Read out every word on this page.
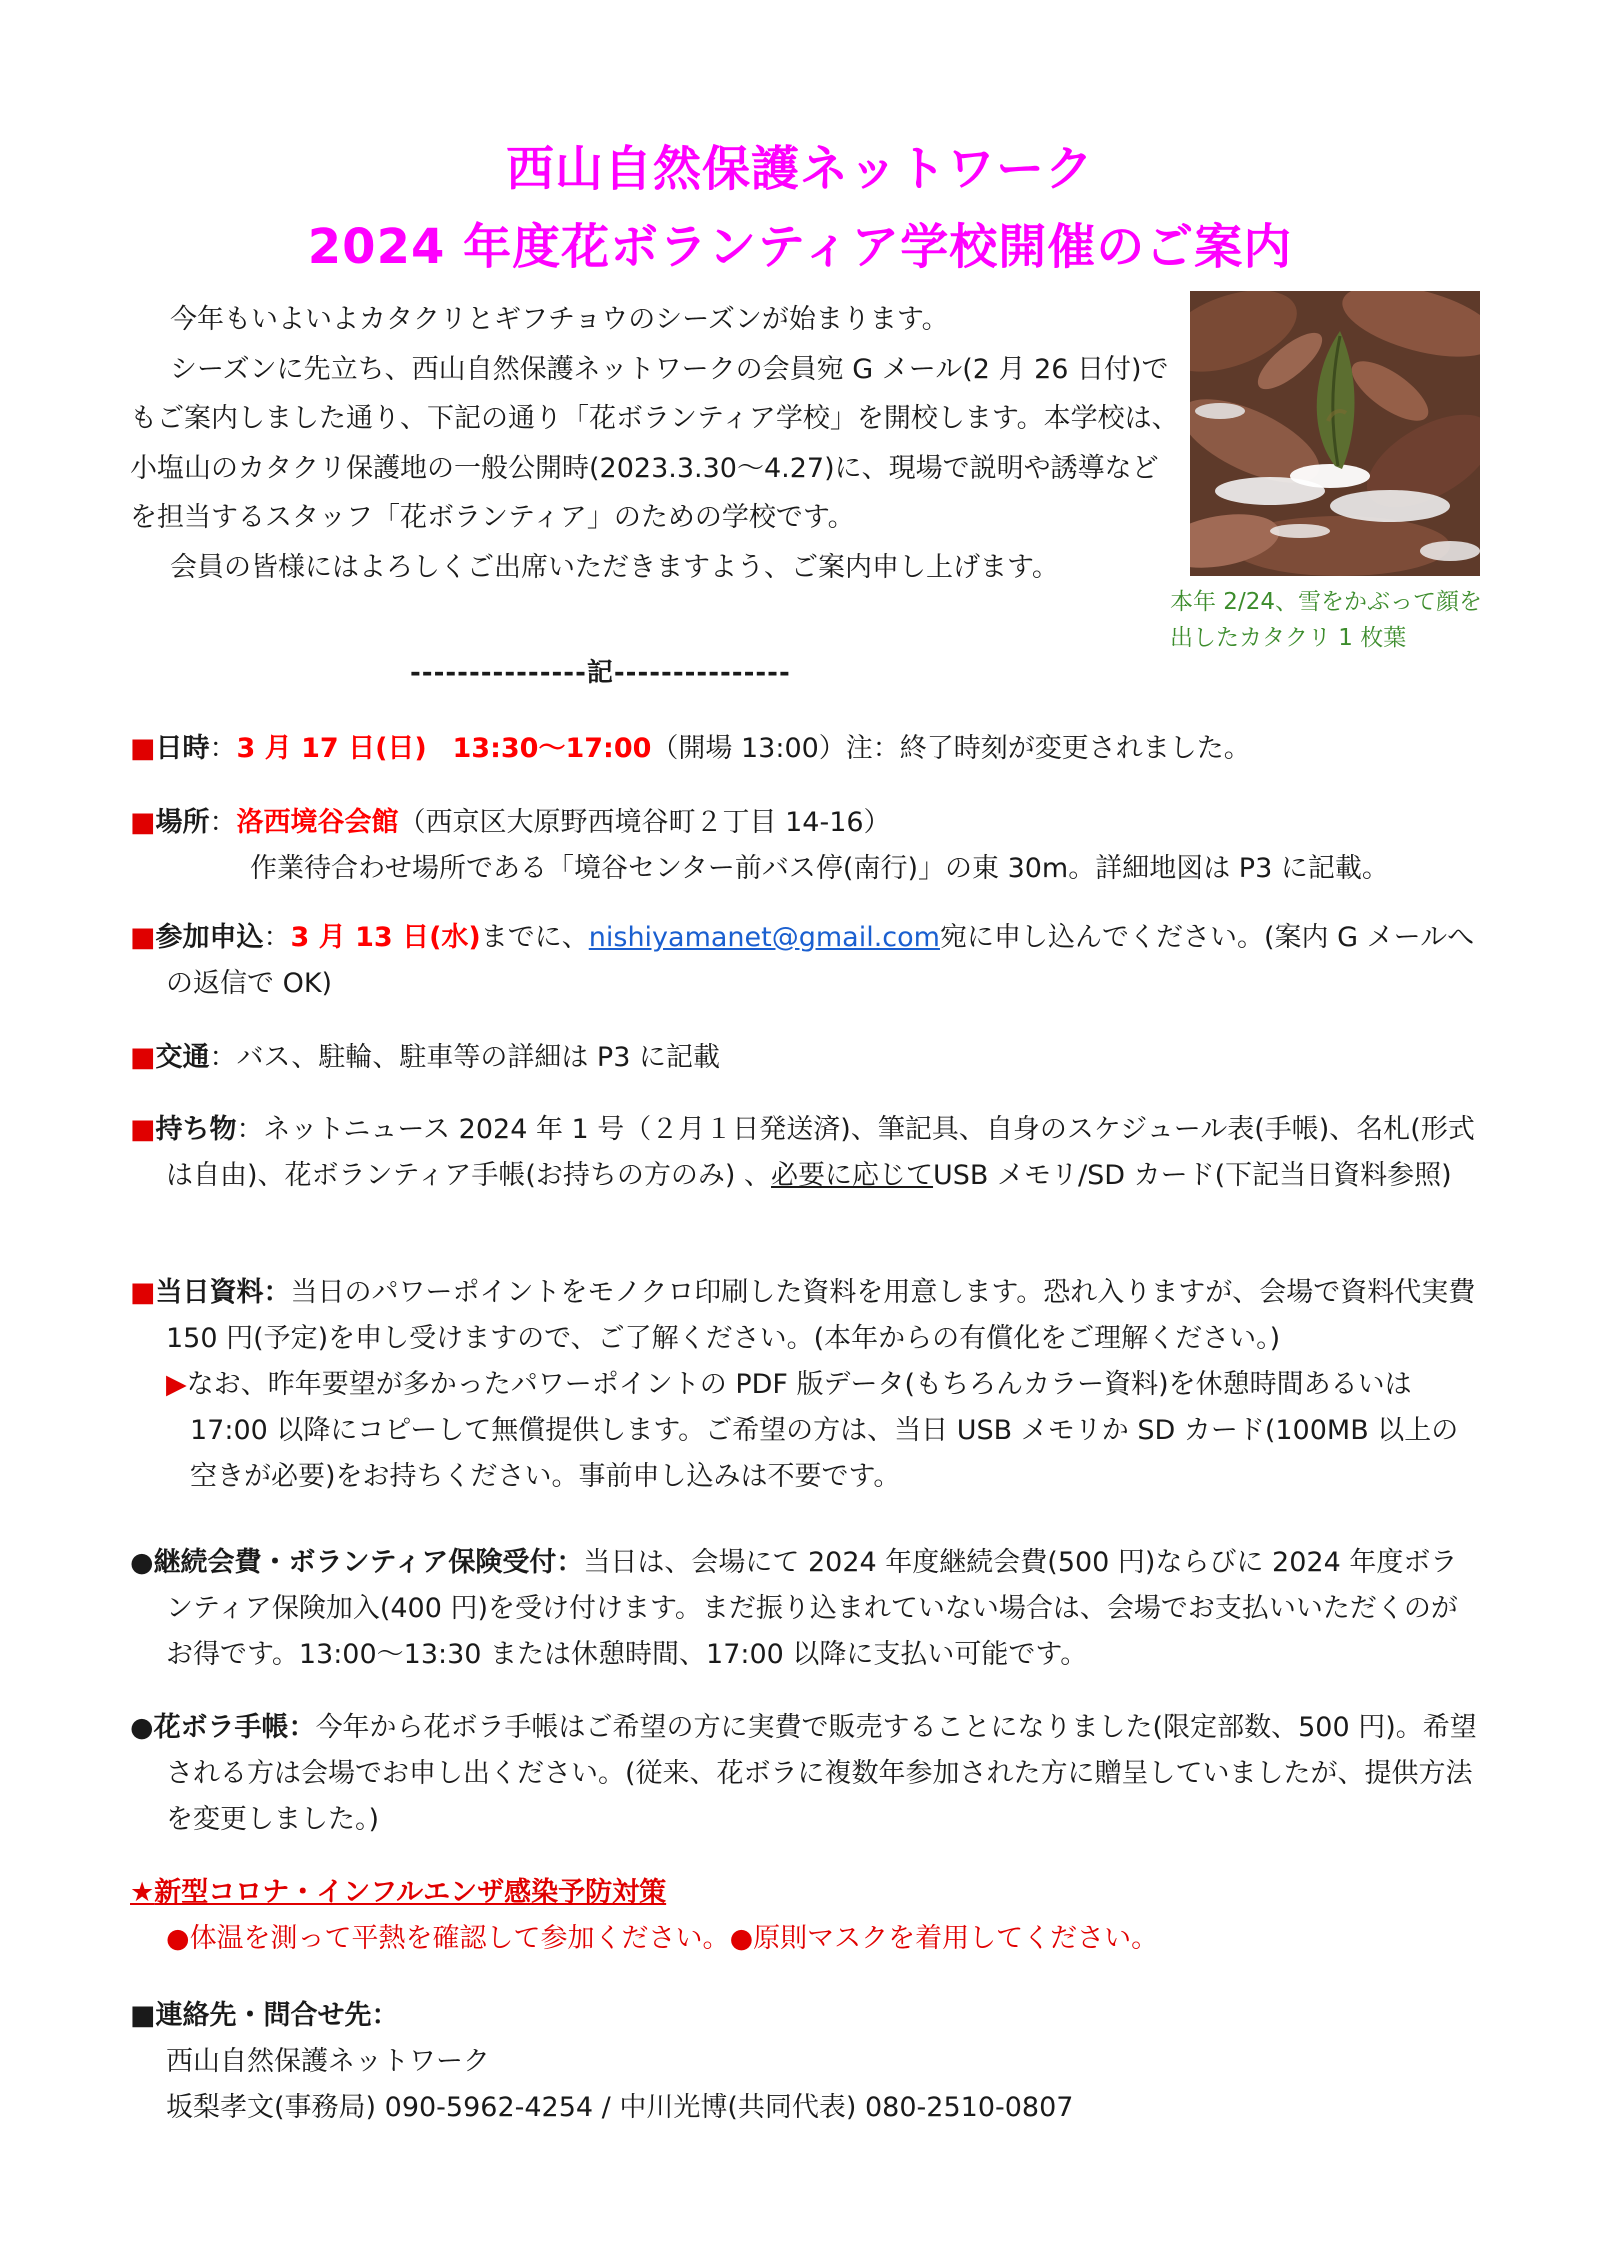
西山自然保護ネットワーク
2024 年度花ボランティア学校開催のご案内

今年もいよいよカタクリとギフチョウのシーズンが始まります。

シーズンに先立ち、西山自然保護ネットワークの会員宛 G メール(2 月 26 日付)でもご案内しました通り、下記の通り「花ボランティア学校」を開校します。本学校は、小塩山のカタクリ保護地の一般公開時(2023.3.30～4.27)に、現場で説明や誘導などを担当するスタッフ「花ボランティア」のための学校です。

会員の皆様にはよろしくご出席いただきますよう、ご案内申し上げます。

本年 2/24、雪をかぶって顔を出したカタクリ 1 枚葉
---------------記---------------

■日時：3 月 17 日(日) 13:30～17:00（開場 13:00）注：終了時刻が変更されました。

■場所：洛西境谷会館（西京区大原野西境谷町２丁目 14-16）

作業待合わせ場所である「境谷センター前バス停(南行)」の東 30m。詳細地図は P3 に記載。

■参加申込：3 月 13 日(水)までに、nishiyamanet@gmail.com宛に申し込んでください。(案内 G メールへの返信で OK)

■交通：バス、駐輪、駐車等の詳細は P3 に記載

■持ち物：ネットニュース 2024 年 1 号（２月１日発送済)、筆記具、自身のスケジュール表(手帳)、名札(形式は自由)、花ボランティア手帳(お持ちの方のみ) 、必要に応じてUSB メモリ/SD カード(下記当日資料参照)

■当日資料：当日のパワーポイントをモノクロ印刷した資料を用意します。恐れ入りますが、会場で資料代実費 150 円(予定)を申し受けますので、ご了解ください。(本年からの有償化をご理解ください。)

▶なお、昨年要望が多かったパワーポイントの PDF 版データ(もちろんカラー資料)を休憩時間あるいは 17:00 以降にコピーして無償提供します。ご希望の方は、当日 USB メモリか SD カード(100MB 以上の空きが必要)をお持ちください。事前申し込みは不要です。

●継続会費・ボランティア保険受付：当日は、会場にて 2024 年度継続会費(500 円)ならびに 2024 年度ボランティア保険加入(400 円)を受け付けます。まだ振り込まれていない場合は、会場でお支払いいただくのがお得です。13:00～13:30 または休憩時間、17:00 以降に支払い可能です。

●花ボラ手帳：今年から花ボラ手帳はご希望の方に実費で販売することになりました(限定部数、500 円)。希望される方は会場でお申し出ください。(従来、花ボラに複数年参加された方に贈呈していましたが、提供方法を変更しました。)

★新型コロナ・インフルエンザ感染予防対策

●体温を測って平熱を確認して参加ください。●原則マスクを着用してください。

■連絡先・問合せ先：

西山自然保護ネットワーク

坂梨孝文(事務局) 090-5962-4254 / 中川光博(共同代表) 080-2510-0807
